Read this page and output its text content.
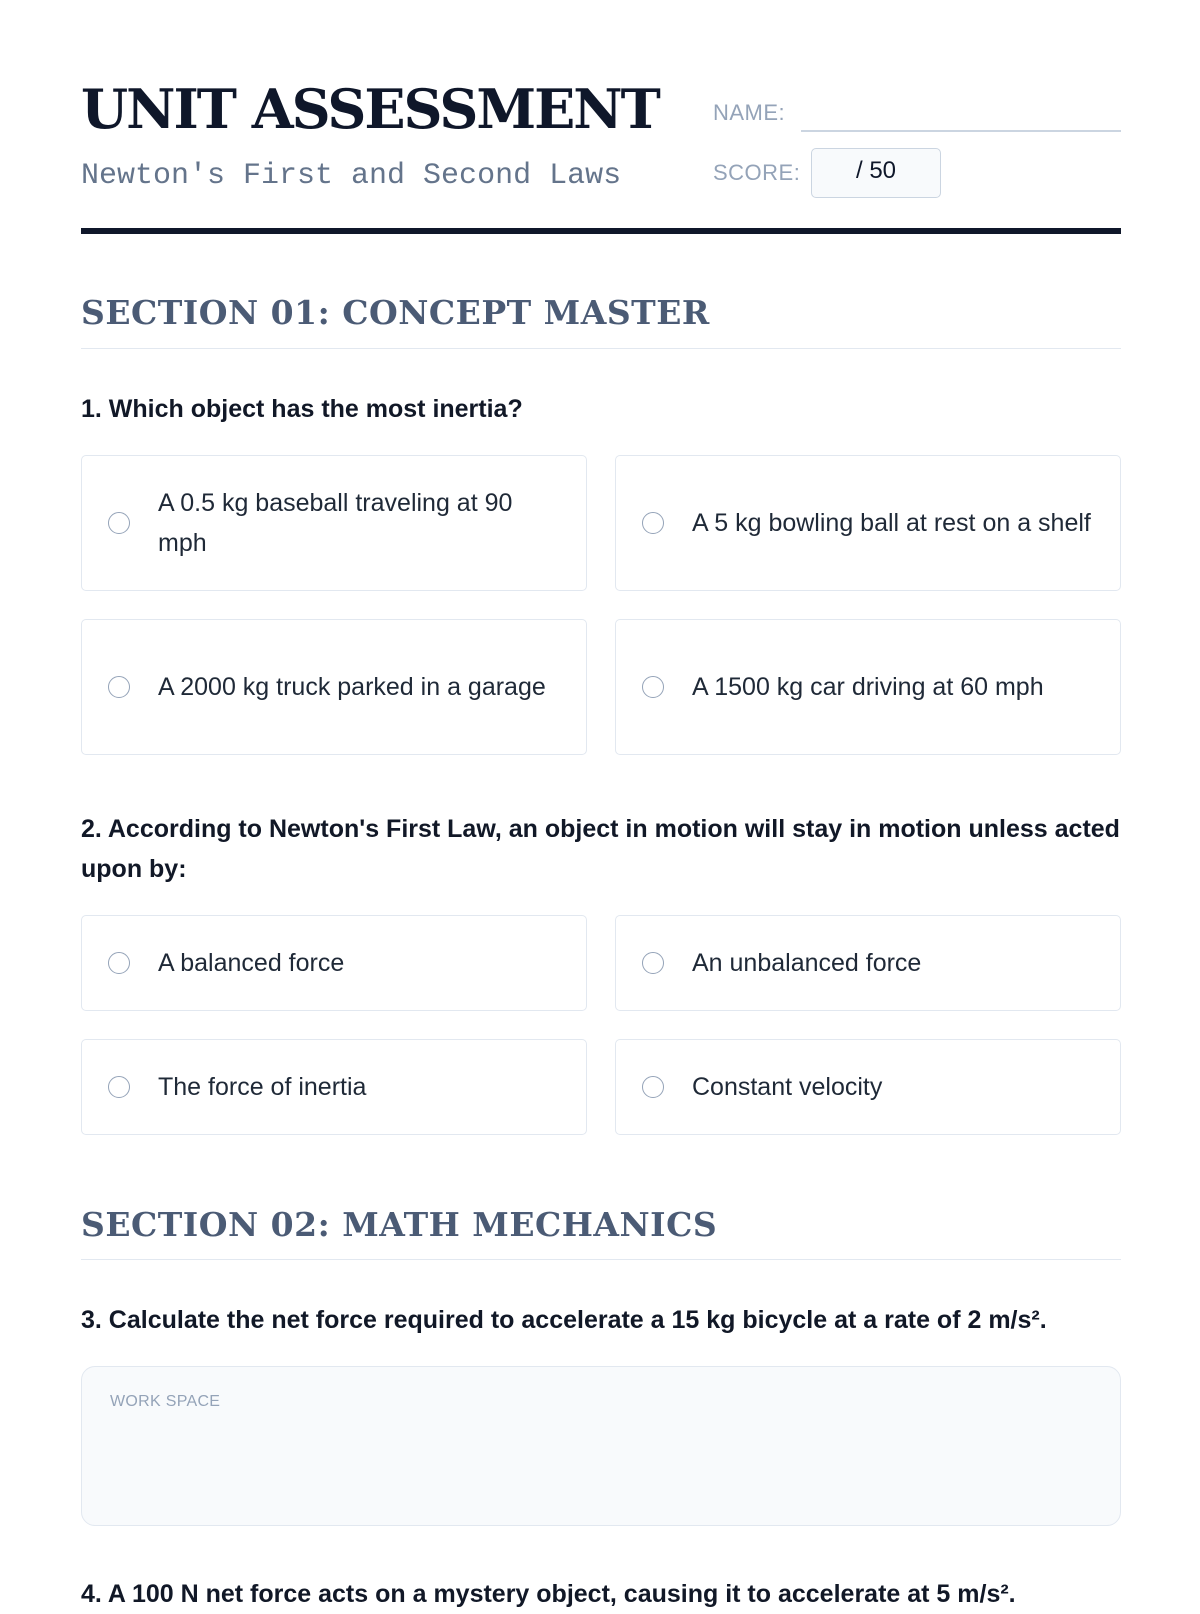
UNIT ASSESSMENT
Newton's First and Second Laws
NAME:
SCORE:	/ 50
SECTION 01: CONCEPT MASTER

1. Which object has the most inertia?

A 0.5 kg baseball traveling at 90 mph
A 5 kg bowling ball at rest on a shelf
A 2000 kg truck parked in a garage	A 1500 kg car driving at 60 mph

2. According to Newton's First Law, an object in motion will stay in motion unless acted upon by:

A balanced force	An unbalanced force
The force of inertia	Constant velocity
SECTION 02: MATH MECHANICS

3. Calculate the net force required to accelerate a 15 kg bicycle at a rate of 2 m/s².

WORK SPACE

4. A 100 N net force acts on a mystery object, causing it to accelerate at 5 m/s².
